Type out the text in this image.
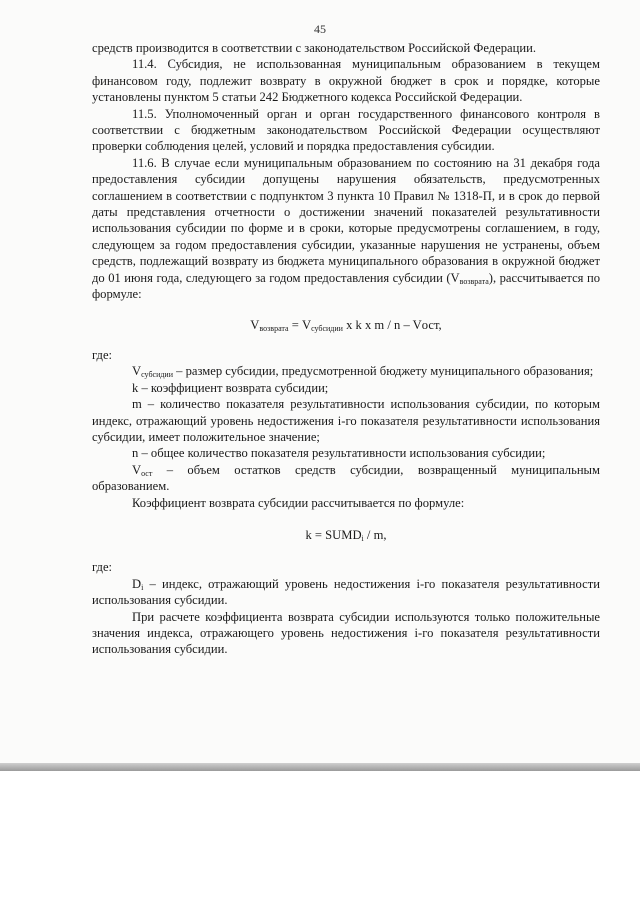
45

средств производится в соответствии с законодательством Российской Федерации.

11.4. Субсидия, не использованная муниципальным образованием в текущем финансовом году, подлежит возврату в окружной бюджет в срок и порядке, которые установлены пунктом 5 статьи 242 Бюджетного кодекса Российской Федерации.

11.5. Уполномоченный орган и орган государственного финансового контроля в соответствии с бюджетным законодательством Российской Федерации осуществляют проверки соблюдения целей, условий и порядка предоставления субсидии.

11.6. В случае если муниципальным образованием по состоянию на 31 декабря года предоставления субсидии допущены нарушения обязательств, предусмотренных соглашением в соответствии с подпунктом 3 пункта 10 Правил № 1318-П, и в срок до первой даты представления отчетности о достижении значений показателей результативности использования субсидии по форме и в сроки, которые предусмотрены соглашением, в году, следующем за годом предоставления субсидии, указанные нарушения не устранены, объем средств, подлежащий возврату из бюджета муниципального образования в окружной бюджет до 01 июня года, следующего за годом предоставления субсидии $(V_{возврата})$, рассчитывается по формуле:

$V_{возврата} = V_{субсидии}$ x k x m / n – Vост,

где:

$V_{субсидии}$ – размер субсидии, предусмотренной бюджету муниципального образования;

k – коэффициент возврата субсидии;

m – количество показателя результативности использования субсидии, по которым индекс, отражающий уровень недостижения i-го показателя результативности использования субсидии, имеет положительное значение;

n – общее количество показателя результативности использования субсидии;

$V_{ост}$ – объем остатков средств субсидии, возвращенный муниципальным образованием.

Коэффициент возврата субсидии рассчитывается по формуле:

$k = SUMD_i / m$,

где:

$D_i$ – индекс, отражающий уровень недостижения i-го показателя результативности использования субсидии.

При расчете коэффициента возврата субсидии используются только положительные значения индекса, отражающего уровень недостижения i-го показателя результативности использования субсидии.
